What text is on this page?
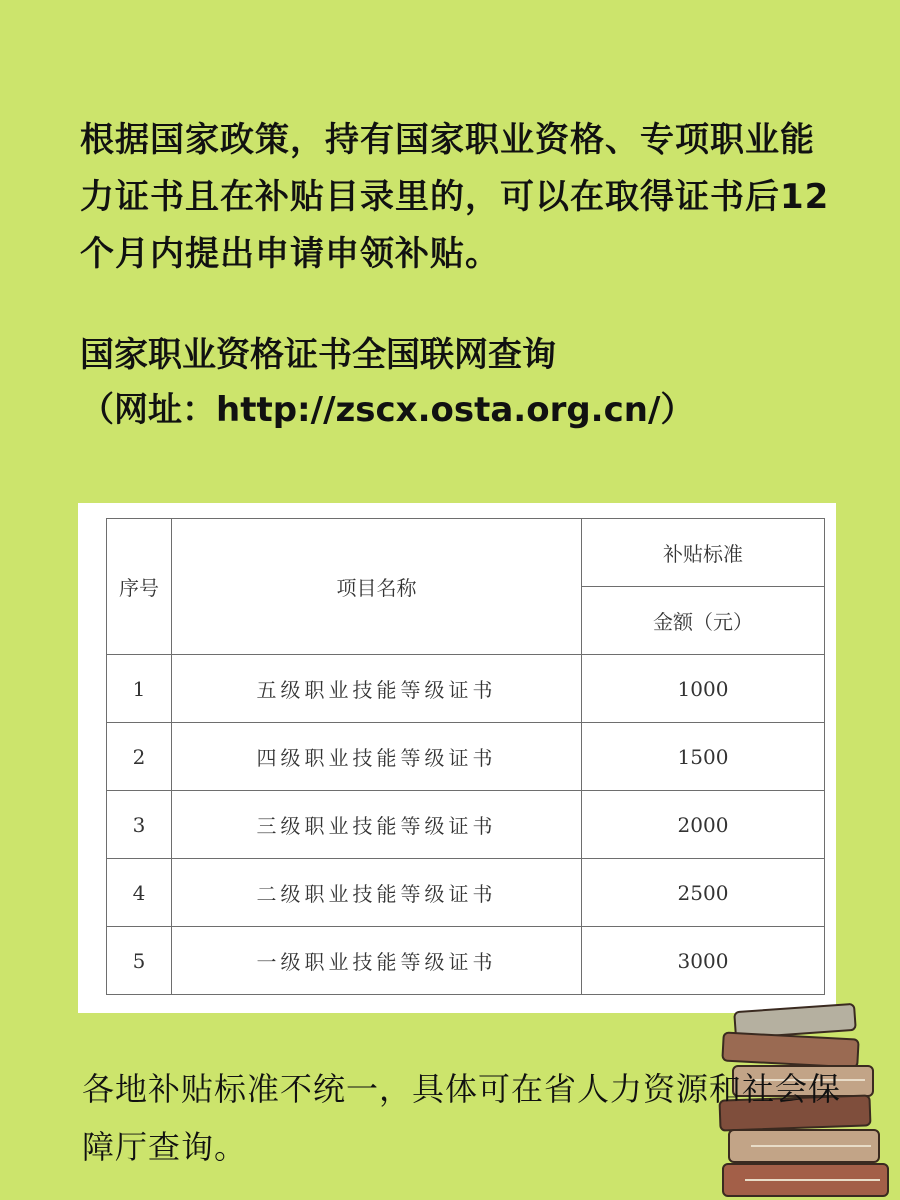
根据国家政策，持有国家职业资格、专项职业能力证书且在补贴目录里的，可以在取得证书后12个月内提出申请申领补贴。

国家职业资格证书全国联网查询
（网址：http://zscx.osta.org.cn/）
序号	项目名称	补贴标准
		金额（元）
1	五级职业技能等级证书	1000
2	四级职业技能等级证书	1500
3	三级职业技能等级证书	2000
4	二级职业技能等级证书	2500
5	一级职业技能等级证书	3000
各地补贴标准不统一，具体可在省人力资源和社会保障厅查询。
